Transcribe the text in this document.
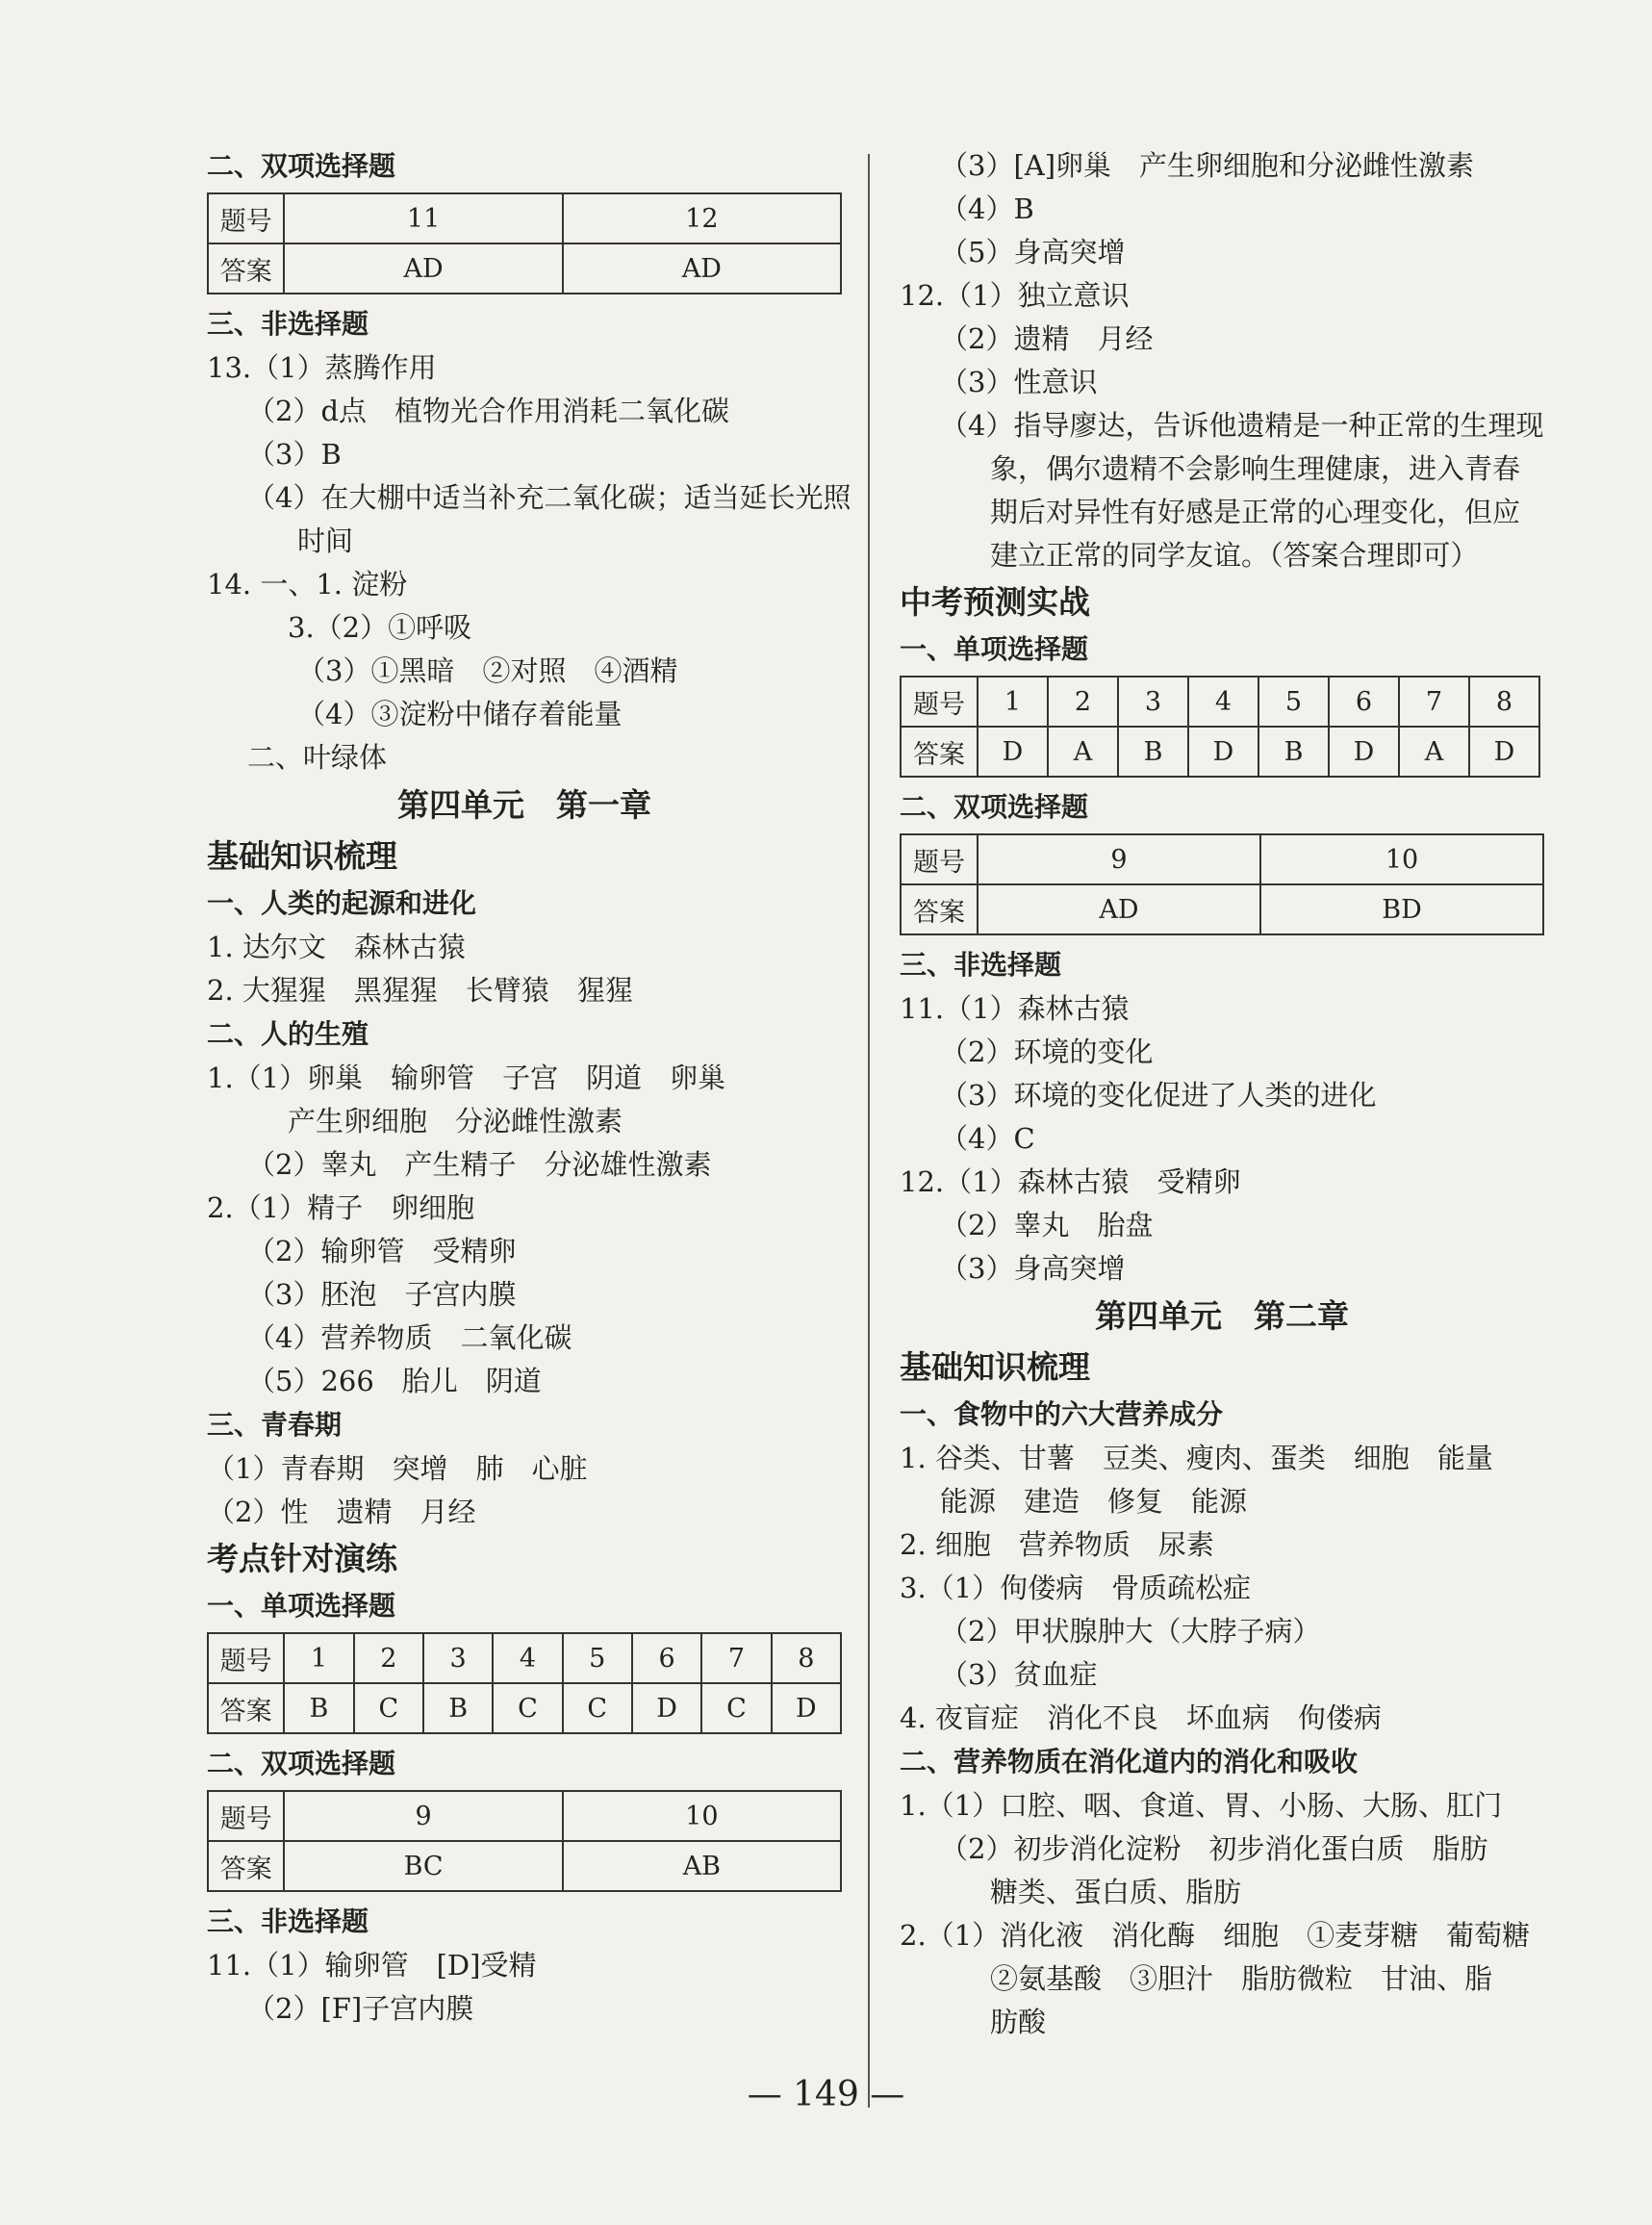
二、双项选择题
题号	11	12
答案	AD	AD
三、非选择题
13.（1）蒸腾作用
（2）d点　植物光合作用消耗二氧化碳
（3）B
（4）在大棚中适当补充二氧化碳；适当延长光照
时间
14. 一、1. 淀粉
3.（2）①呼吸
（3）①黑暗　②对照　④酒精
（4）③淀粉中储存着能量
二、叶绿体
第四单元　第一章
基础知识梳理
一、人类的起源和进化
1. 达尔文　森林古猿
2. 大猩猩　黑猩猩　长臂猿　猩猩
二、人的生殖
1.（1）卵巢　输卵管　子宫　阴道　卵巢
产生卵细胞　分泌雌性激素
（2）睾丸　产生精子　分泌雄性激素
2.（1）精子　卵细胞
（2）输卵管　受精卵
（3）胚泡　子宫内膜
（4）营养物质　二氧化碳
（5）266　胎儿　阴道
三、青春期
（1）青春期　突增　肺　心脏
（2）性　遗精　月经
考点针对演练
一、单项选择题
题号	1	2	3	4	5	6	7	8
答案	B	C	B	C	C	D	C	D
二、双项选择题
题号	9	10
答案	BC	AB
三、非选择题
11.（1）输卵管　[D]受精
（2）[F]子宫内膜
（3）[A]卵巢　产生卵细胞和分泌雌性激素
（4）B
（5）身高突增
12.（1）独立意识
（2）遗精　月经
（3）性意识
（4）指导廖达，告诉他遗精是一种正常的生理现
象，偶尔遗精不会影响生理健康，进入青春
期后对异性有好感是正常的心理变化，但应
建立正常的同学友谊。（答案合理即可）
中考预测实战
一、单项选择题
题号	1	2	3	4	5	6	7	8
答案	D	A	B	D	B	D	A	D
二、双项选择题
题号	9	10
答案	AD	BD
三、非选择题
11.（1）森林古猿
（2）环境的变化
（3）环境的变化促进了人类的进化
（4）C
12.（1）森林古猿　受精卵
（2）睾丸　胎盘
（3）身高突增
第四单元　第二章
基础知识梳理
一、食物中的六大营养成分
1. 谷类、甘薯　豆类、瘦肉、蛋类　细胞　能量
能源　建造　修复　能源
2. 细胞　营养物质　尿素
3.（1）佝偻病　骨质疏松症
（2）甲状腺肿大（大脖子病）
（3）贫血症
4. 夜盲症　消化不良　坏血病　佝偻病
二、营养物质在消化道内的消化和吸收
1.（1）口腔、咽、食道、胃、小肠、大肠、肛门
（2）初步消化淀粉　初步消化蛋白质　脂肪
糖类、蛋白质、脂肪
2.（1）消化液　消化酶　细胞　①麦芽糖　葡萄糖
②氨基酸　③胆汁　脂肪微粒　甘油、脂
肪酸
— 149 —
